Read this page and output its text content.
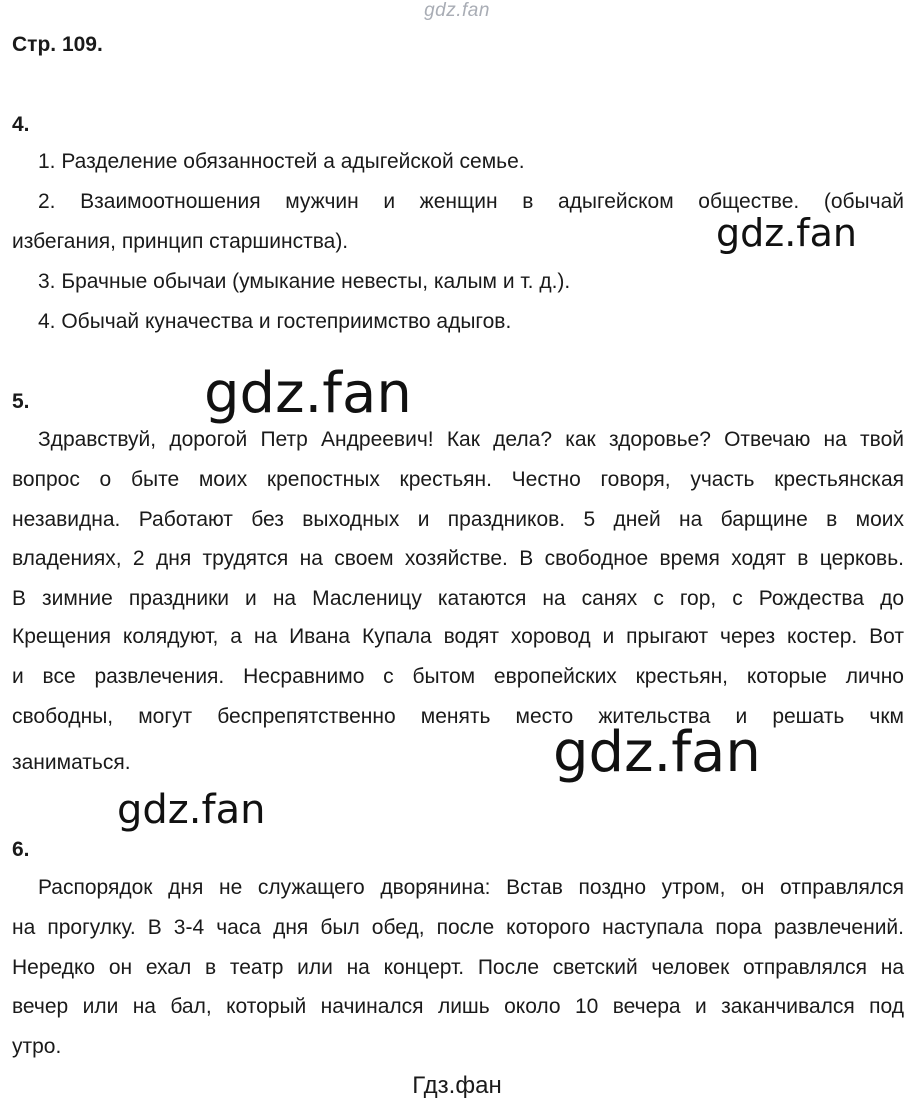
gdz.fan
Стр. 109.
4.
1. Разделение обязанностей а адыгейской семье.
2. Взаимоотношения мужчин и женщин в адыгейском обществе. (обычай
избегания, принцип старшинства).
3. Брачные обычаи (умыкание невесты, калым и т. д.).
4. Обычай куначества и гостеприимство адыгов.
5.
Здравствуй, дорогой Петр Андреевич! Как дела? как здоровье? Отвечаю на твой
вопрос о быте моих крепостных крестьян. Честно говоря, участь крестьянская
незавидна. Работают без выходных и праздников. 5 дней на барщине в моих
владениях, 2 дня трудятся на своем хозяйстве. В свободное время ходят в церковь.
В зимние праздники и на Масленицу катаются на санях с гор, с Рождества до
Крещения колядуют, а на Ивана Купала водят хоровод и прыгают через костер. Вот
и все развлечения. Несравнимо с бытом европейских крестьян, которые лично
свободны, могут беспрепятственно менять место жительства и решать чкм
заниматься.
6.
Распорядок дня не служащего дворянина: Встав поздно утром, он отправлялся
на прогулку. В 3-4 часа дня был обед, после которого наступала пора развлечений.
Нередко он ехал в театр или на концерт. После светский человек отправлялся на
вечер или на бал, который начинался лишь около 10 вечера и заканчивался под
утро.
gdz.fan
gdz.fan
gdz.fan
gdz.fan
Гдз.фан
